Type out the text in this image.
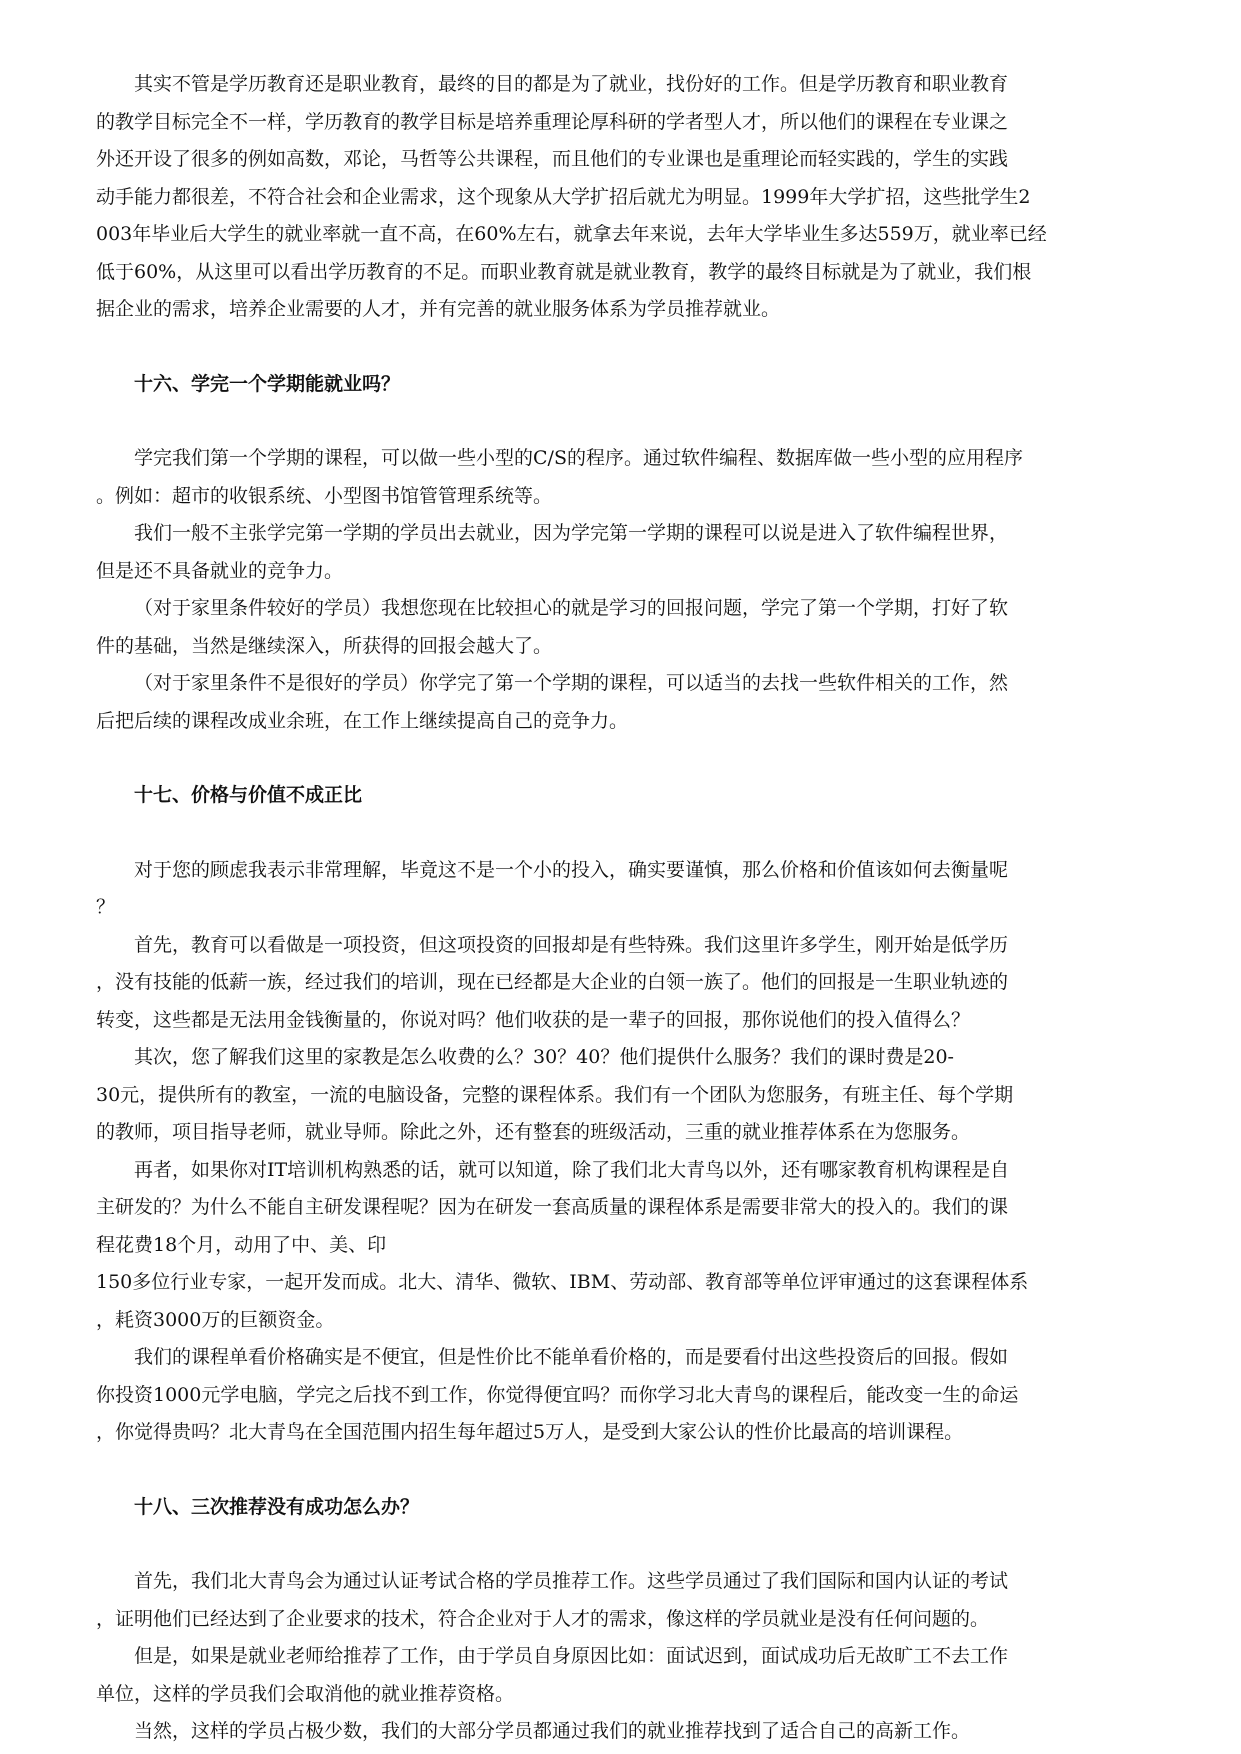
其实不管是学历教育还是职业教育，最终的目的都是为了就业，找份好的工作。但是学历教育和职业教育
的教学目标完全不一样，学历教育的教学目标是培养重理论厚科研的学者型人才，所以他们的课程在专业课之
外还开设了很多的例如高数，邓论，马哲等公共课程，而且他们的专业课也是重理论而轻实践的，学生的实践
动手能力都很差，不符合社会和企业需求，这个现象从大学扩招后就尤为明显。1999年大学扩招，这些批学生2
003年毕业后大学生的就业率就一直不高，在60%左右，就拿去年来说，去年大学毕业生多达559万，就业率已经
低于60%，从这里可以看出学历教育的不足。而职业教育就是就业教育，教学的最终目标就是为了就业，我们根
据企业的需求，培养企业需要的人才，并有完善的就业服务体系为学员推荐就业。
十六、学完一个学期能就业吗？
学完我们第一个学期的课程，可以做一些小型的C/S的程序。通过软件编程、数据库做一些小型的应用程序
。例如：超市的收银系统、小型图书馆管管理系统等。
我们一般不主张学完第一学期的学员出去就业，因为学完第一学期的课程可以说是进入了软件编程世界，
但是还不具备就业的竞争力。
（对于家里条件较好的学员）我想您现在比较担心的就是学习的回报问题，学完了第一个学期，打好了软
件的基础，当然是继续深入，所获得的回报会越大了。
（对于家里条件不是很好的学员）你学完了第一个学期的课程，可以适当的去找一些软件相关的工作，然
后把后续的课程改成业余班，在工作上继续提高自己的竞争力。
十七、价格与价值不成正比
对于您的顾虑我表示非常理解，毕竟这不是一个小的投入，确实要谨慎，那么价格和价值该如何去衡量呢
？
首先，教育可以看做是一项投资，但这项投资的回报却是有些特殊。我们这里许多学生，刚开始是低学历
，没有技能的低薪一族，经过我们的培训，现在已经都是大企业的白领一族了。他们的回报是一生职业轨迹的
转变，这些都是无法用金钱衡量的，你说对吗？他们收获的是一辈子的回报，那你说他们的投入值得么？
其次，您了解我们这里的家教是怎么收费的么？30？40？他们提供什么服务？我们的课时费是20-
30元，提供所有的教室，一流的电脑设备，完整的课程体系。我们有一个团队为您服务，有班主任、每个学期
的教师，项目指导老师，就业导师。除此之外，还有整套的班级活动，三重的就业推荐体系在为您服务。
再者，如果你对IT培训机构熟悉的话，就可以知道，除了我们北大青鸟以外，还有哪家教育机构课程是自
主研发的？为什么不能自主研发课程呢？因为在研发一套高质量的课程体系是需要非常大的投入的。我们的课
程花费18个月，动用了中、美、印
150多位行业专家，一起开发而成。北大、清华、微软、IBM、劳动部、教育部等单位评审通过的这套课程体系
，耗资3000万的巨额资金。
我们的课程单看价格确实是不便宜，但是性价比不能单看价格的，而是要看付出这些投资后的回报。假如
你投资1000元学电脑，学完之后找不到工作，你觉得便宜吗？而你学习北大青鸟的课程后，能改变一生的命运
，你觉得贵吗？北大青鸟在全国范围内招生每年超过5万人，是受到大家公认的性价比最高的培训课程。
十八、三次推荐没有成功怎么办？
首先，我们北大青鸟会为通过认证考试合格的学员推荐工作。这些学员通过了我们国际和国内认证的考试
，证明他们已经达到了企业要求的技术，符合企业对于人才的需求，像这样的学员就业是没有任何问题的。
但是，如果是就业老师给推荐了工作，由于学员自身原因比如：面试迟到，面试成功后无故旷工不去工作
单位，这样的学员我们会取消他的就业推荐资格。
当然，这样的学员占极少数，我们的大部分学员都通过我们的就业推荐找到了适合自己的高新工作。
